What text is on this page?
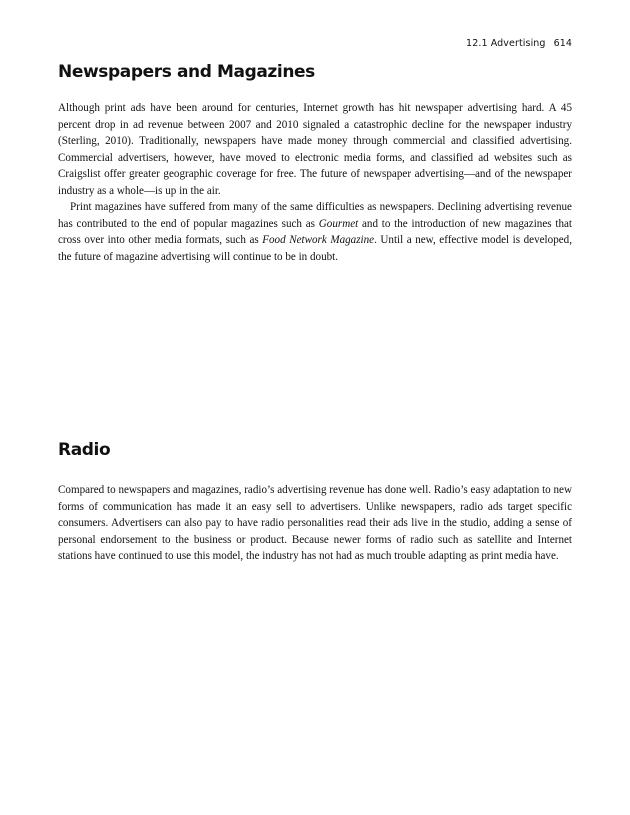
12.1 Advertising 614
Newspapers and Magazines

Although print ads have been around for centuries, Internet growth has hit newspaper advertising hard. A 45 percent drop in ad revenue between 2007 and 2010 signaled a catastrophic decline for the newspaper industry (Sterling, 2010). Traditionally, newspapers have made money through commercial and classified advertising. Commercial advertisers, however, have moved to electronic media forms, and classified ad websites such as Craigslist offer greater geographic coverage for free. The future of newspaper advertising—and of the newspaper industry as a whole—is up in the air.

Print magazines have suffered from many of the same difficulties as newspapers. Declining advertising revenue has contributed to the end of popular magazines such as Gourmet and to the introduction of new magazines that cross over into other media formats, such as Food Network Magazine. Until a new, effective model is developed, the future of magazine advertising will continue to be in doubt.

Radio

Compared to newspapers and magazines, radio’s advertising revenue has done well. Radio’s easy adaptation to new forms of communication has made it an easy sell to advertisers. Unlike newspapers, radio ads target specific consumers. Advertisers can also pay to have radio personalities read their ads live in the studio, adding a sense of personal endorsement to the business or product. Because newer forms of radio such as satellite and Internet stations have continued to use this model, the industry has not had as much trouble adapting as print media have.
